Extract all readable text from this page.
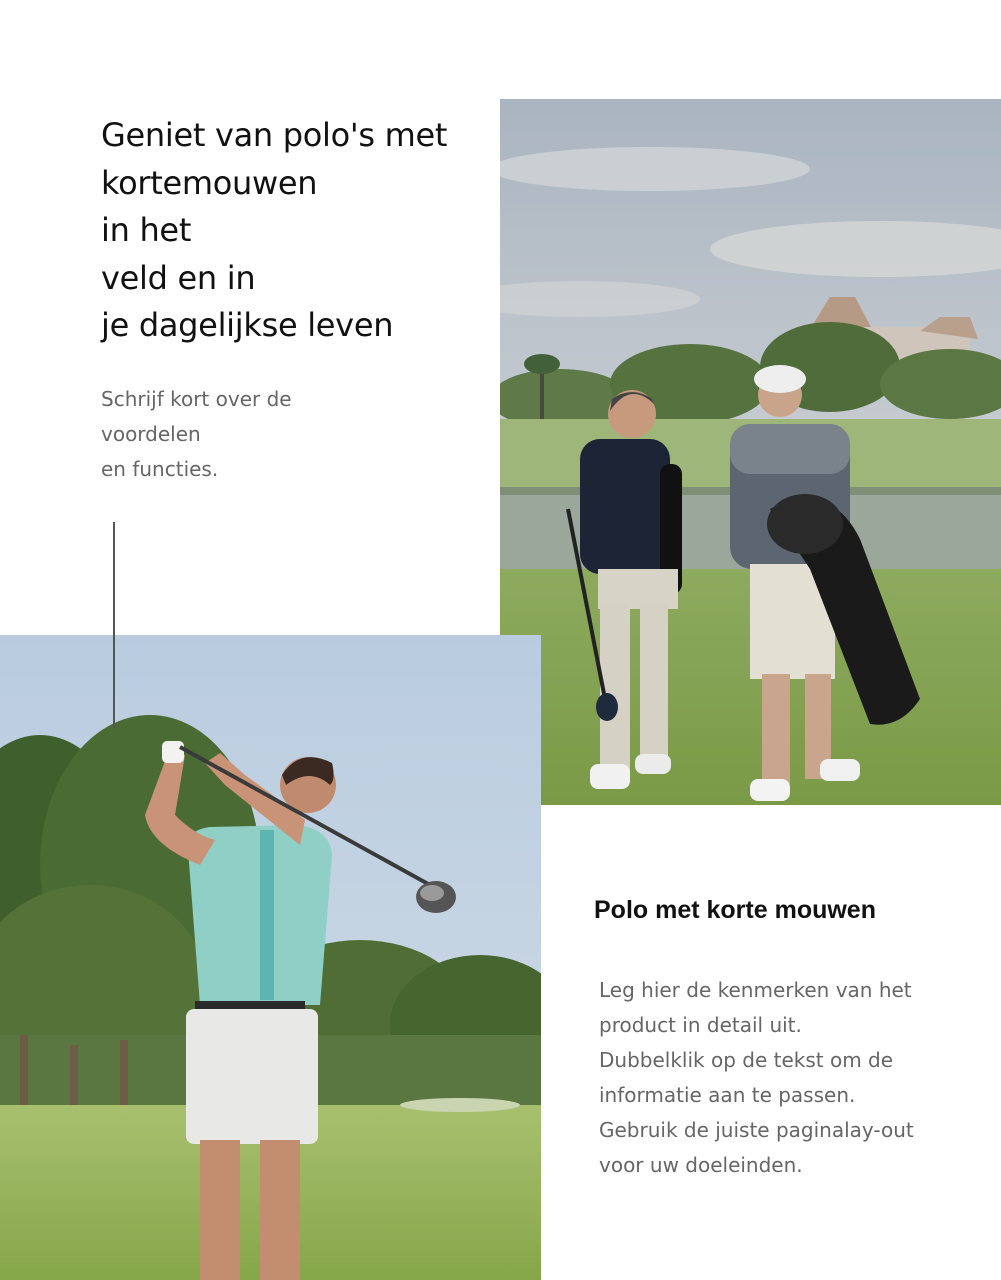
Geniet van polo's met
kortemouwen
in het
veld en in
je dagelijkse leven

Schrijf kort over de
voordelen
en functies.

Polo met korte mouwen

Leg hier de kenmerken van het
product in detail uit.
Dubbelklik op de tekst om de
informatie aan te passen.
Gebruik de juiste paginalay-out
voor uw doeleinden.
